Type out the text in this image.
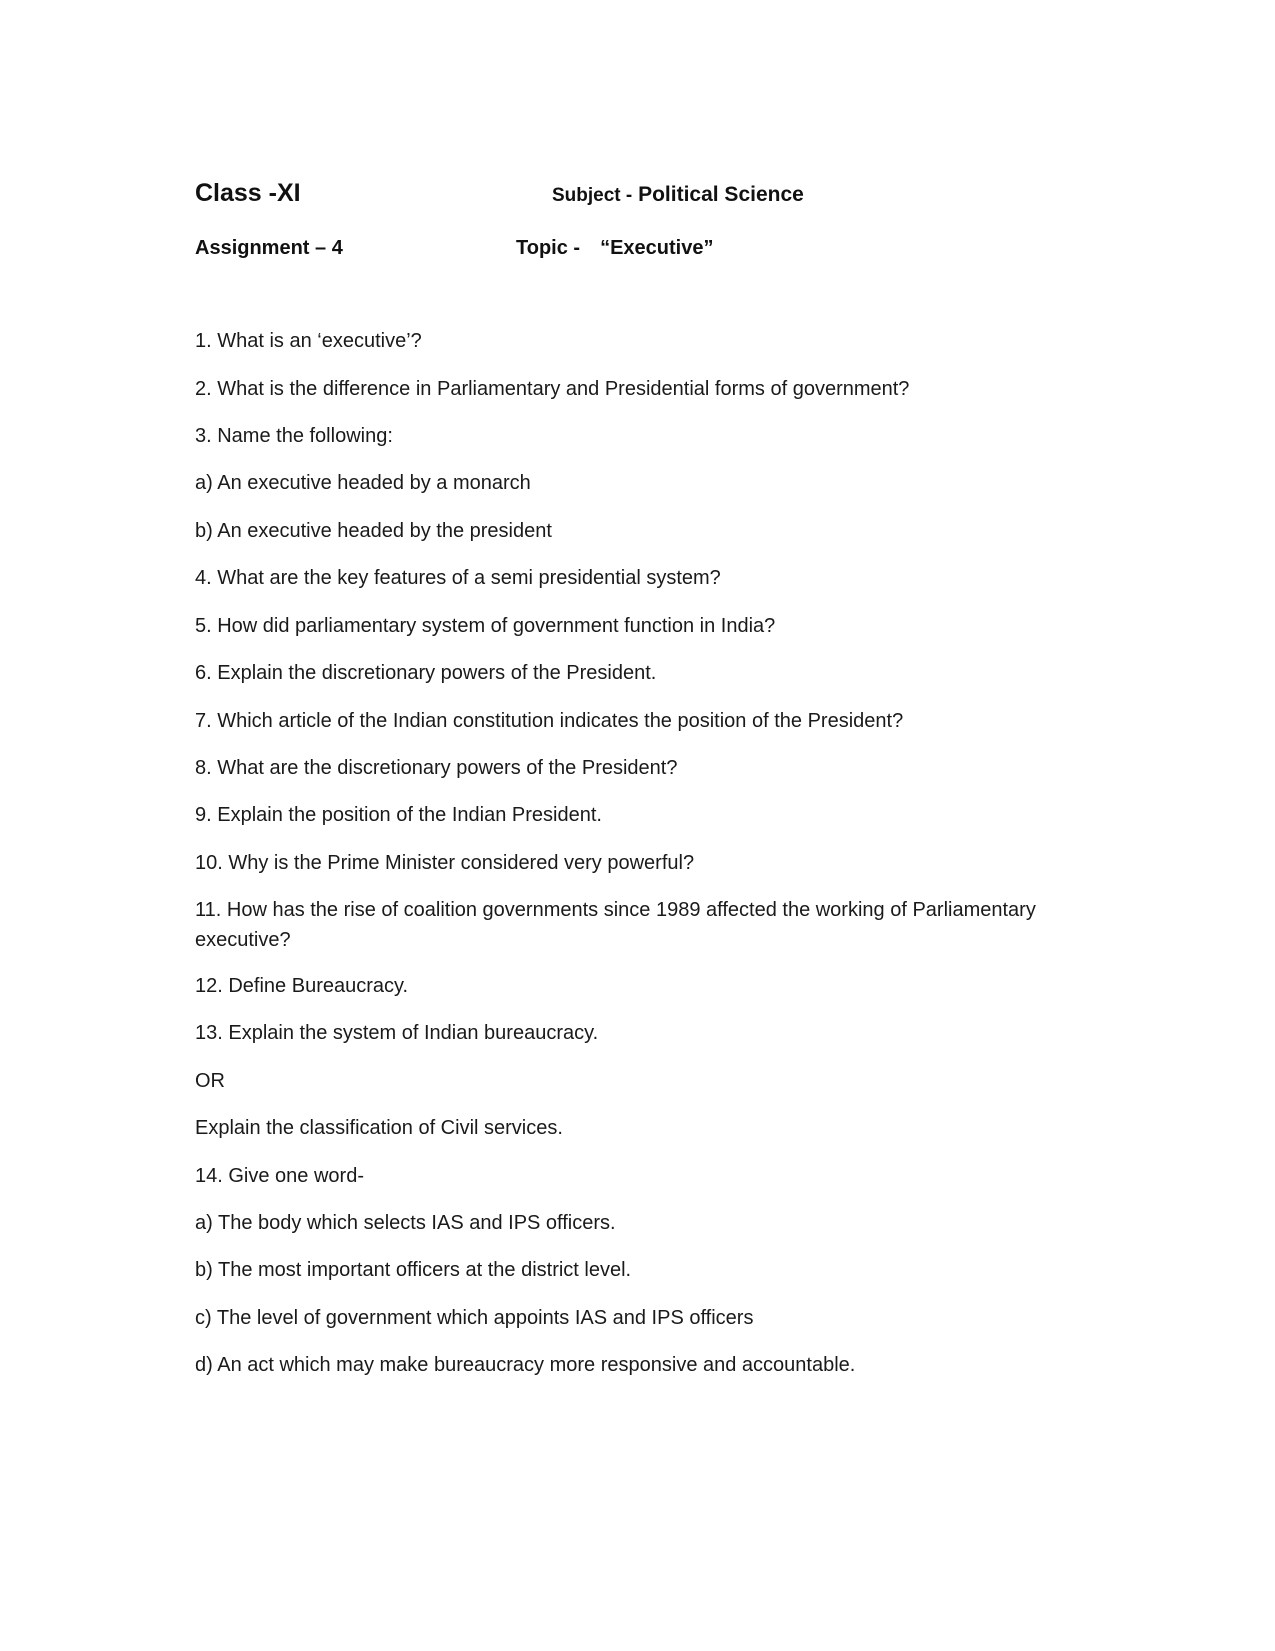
Class -XI	Subject - Political Science
Assignment – 4	Topic - “Executive”
1. What is an ‘executive’?
2. What is the difference in Parliamentary and Presidential forms of government?
3. Name the following:
a) An executive headed by a monarch
b) An executive headed by the president
4. What are the key features of a semi presidential system?
5. How did parliamentary system of government function in India?
6. Explain the discretionary powers of the President.
7. Which article of the Indian constitution indicates the position of the President?
8. What are the discretionary powers of the President?
9. Explain the position of the Indian President.
10. Why is the Prime Minister considered very powerful?
11. How has the rise of coalition governments since 1989 affected the working of Parliamentary executive?
12. Define Bureaucracy.
13. Explain the system of Indian bureaucracy.
OR
Explain the classification of Civil services.
14. Give one word-
a) The body which selects IAS and IPS officers.
b) The most important officers at the district level.
c) The level of government which appoints IAS and IPS officers
d) An act which may make bureaucracy more responsive and accountable.
